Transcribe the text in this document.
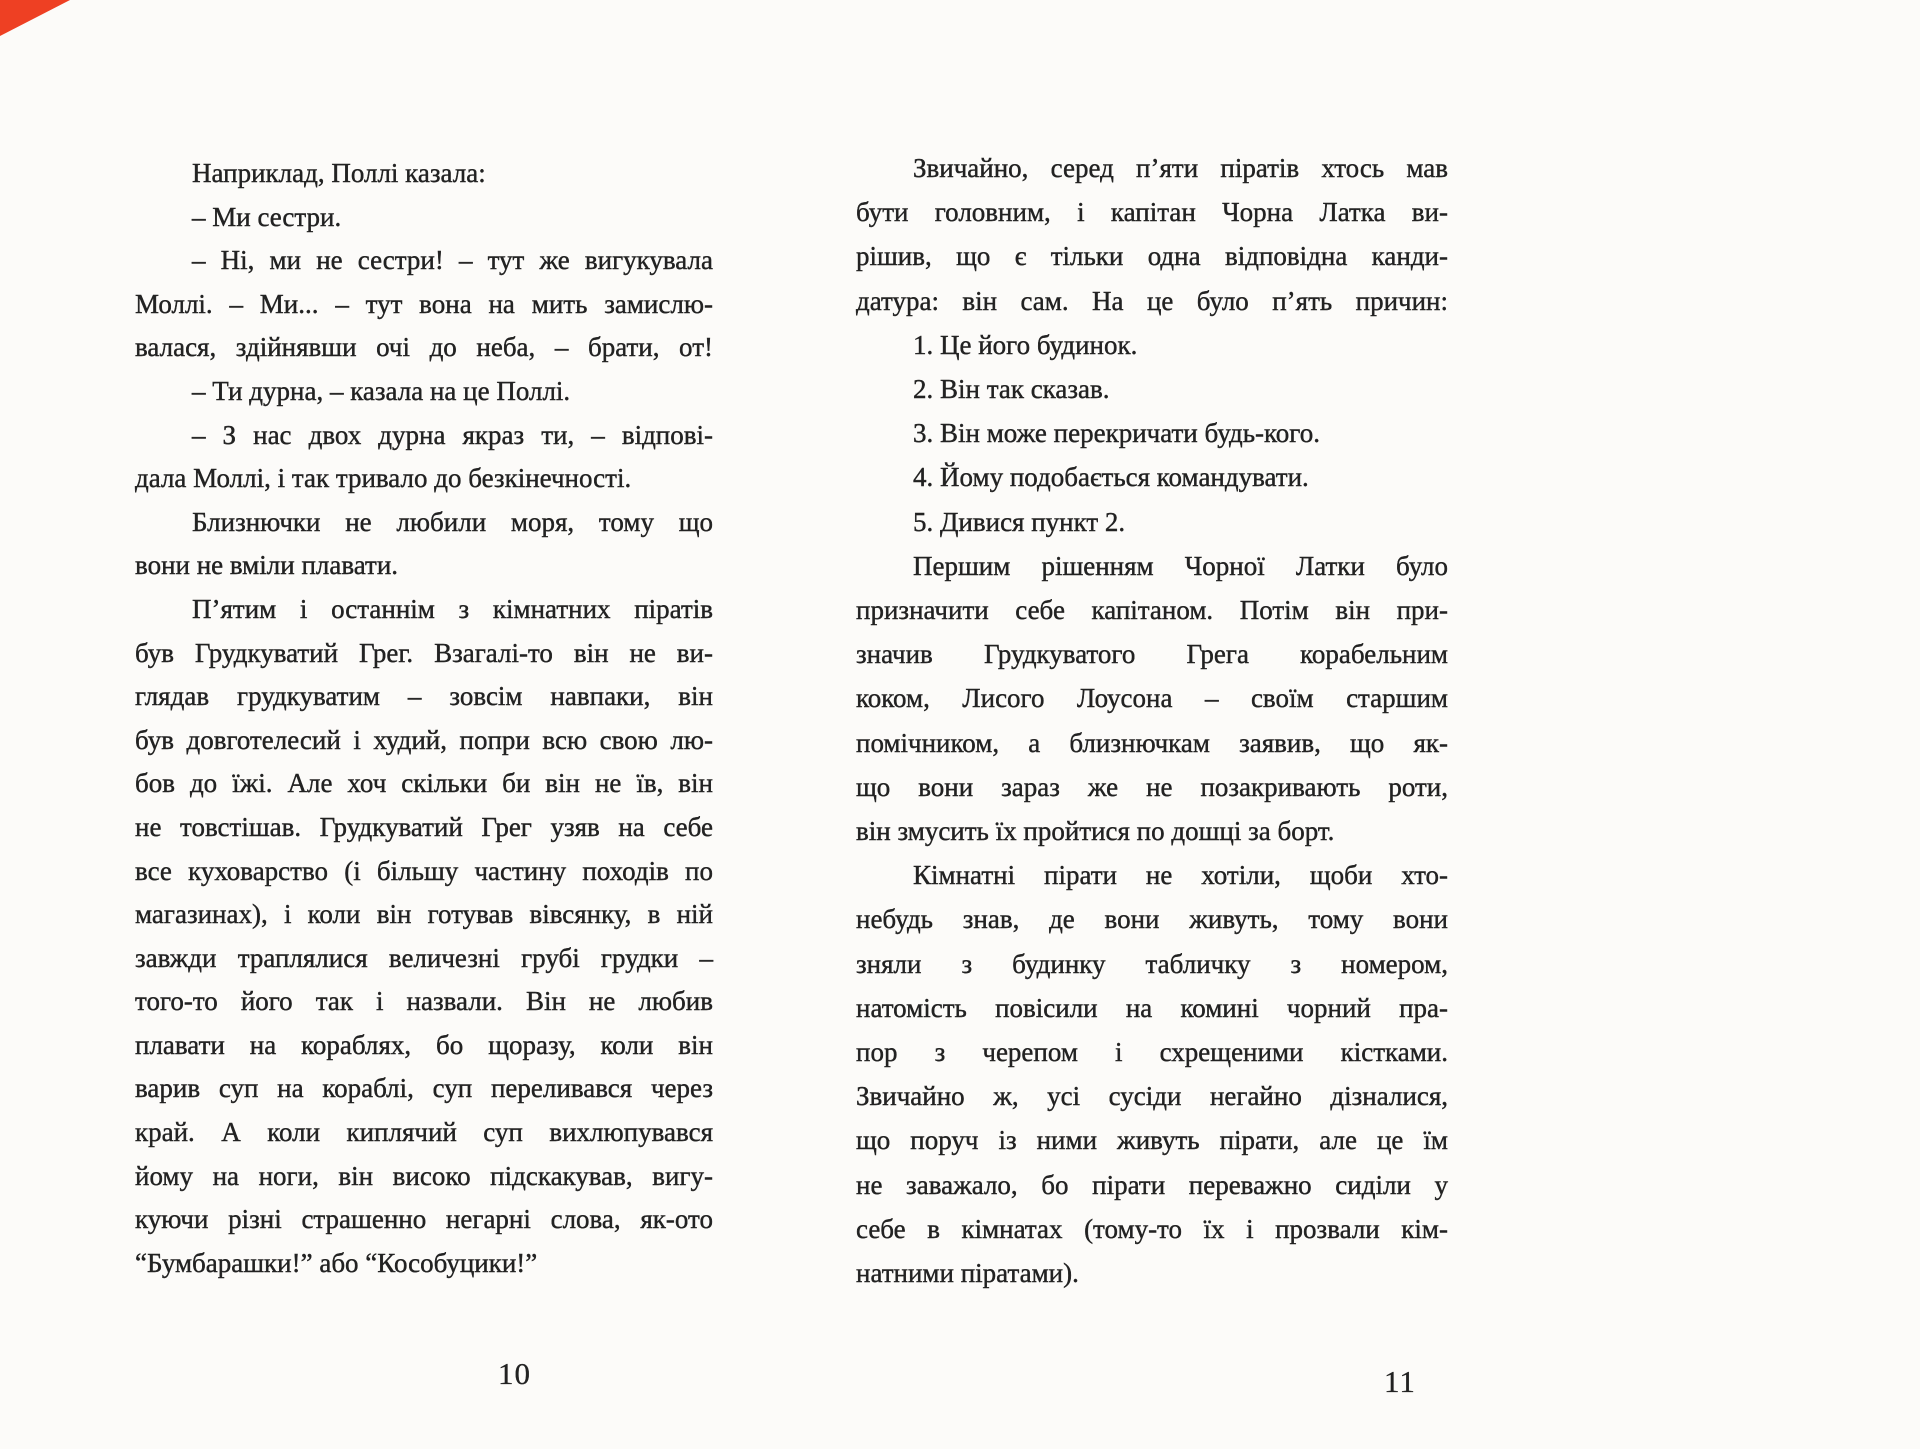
Наприклад, Поллі казала:
– Ми сестри.
– Ні, ми не сестри! – тут же вигукувала
Моллі. – Ми... – тут вона на мить замислю-
валася, здійнявши очі до неба, – брати, от!
– Ти дурна, – казала на це Поллі.
– З нас двох дурна якраз ти, – відпові-
дала Моллі, і так тривало до безкінечності.
Близнючки не любили моря, тому що
вони не вміли плавати.
П’ятим і останнім з кімнатних піратів
був Грудкуватий Грег. Взагалі-то він не ви-
глядав грудкуватим – зовсім навпаки, він
був довготелесий і худий, попри всю свою лю-
бов до їжі. Але хоч скільки би він не їв, він
не товстішав. Грудкуватий Грег узяв на себе
все куховарство (і більшу частину походів по
магазинах), і коли він готував вівсянку, в ній
завжди траплялися величезні грубі грудки –
того-то його так і назвали. Він не любив
плавати на кораблях, бо щоразу, коли він
варив суп на кораблі, суп переливався через
край. А коли киплячий суп вихлюпувався
йому на ноги, він високо підскакував, вигу-
куючи різні страшенно негарні слова, як-ото
“Бумбарашки!” або “Кособуцики!”
Звичайно, серед п’яти піратів хтось мав
бути головним, і капітан Чорна Латка ви-
рішив, що є тільки одна відповідна канди-
датура: він сам. На це було п’ять причин:
1. Це його будинок.
2. Він так сказав.
3. Він може перекричати будь-кого.
4. Йому подобається командувати.
5. Дивися пункт 2.
Першим рішенням Чорної Латки було
призначити себе капітаном. Потім він при-
значив Грудкуватого Грега корабельним
коком, Лисого Лоусона – своїм старшим
помічником, а близнючкам заявив, що як-
що вони зараз же не позакривають роти,
він змусить їх пройтися по дошці за борт.
Кімнатні пірати не хотіли, щоби хто-
небудь знав, де вони живуть, тому вони
зняли з будинку табличку з номером,
натомість повісили на комині чорний пра-
пор з черепом і схрещеними кістками.
Звичайно ж, усі сусіди негайно дізналися,
що поруч із ними живуть пірати, але це їм
не заважало, бо пірати переважно сиділи у
себе в кімнатах (тому-то їх і прозвали кім-
натними піратами).
10	11
